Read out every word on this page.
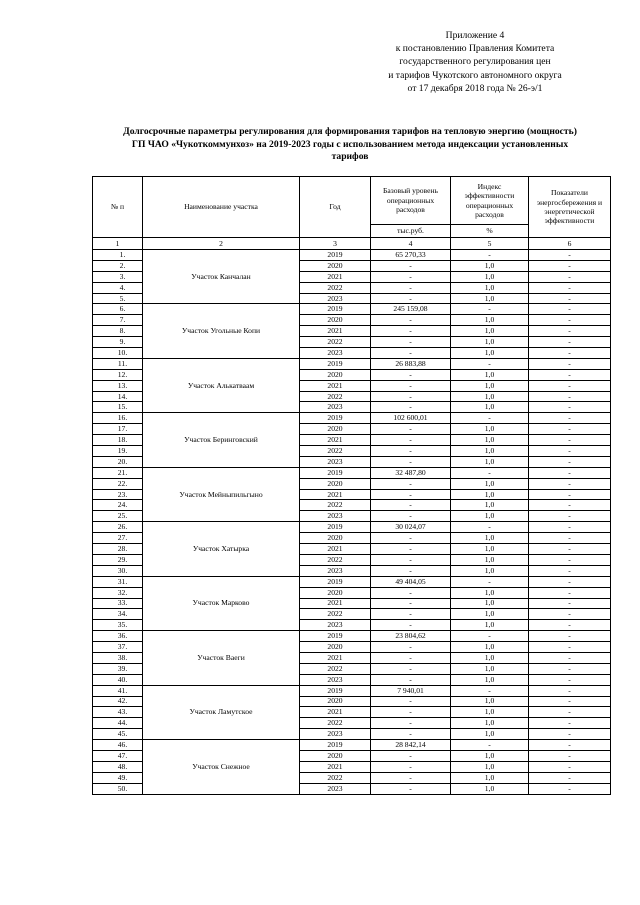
Приложение 4
к постановлению Правления Комитета
государственного регулирования цен
и тарифов Чукотского автономного округа
от 17 декабря 2018 года № 26-э/1
Долгосрочные параметры регулирования для формирования тарифов на тепловую энергию (мощность)
ГП ЧАО «Чукоткоммунхоз» на 2019-2023 годы с использованием метода индексации установленных
тарифов
№ п	Наименование участка	Год	Базовый уровень операционных расходов	Индекс эффективности операционных расходов	Показатели энергосбережения и энергетической эффективности
			тыс.руб.	%	
1	2	3	4	5	6
1.	Участок Канчалан	2019	65 270,33	-	-
2.		2020	-	1,0	-
3.		2021	-	1,0	-
4.		2022	-	1,0	-
5.		2023	-	1,0	-
6.	Участок Угольные Копи	2019	245 159,08	-	-
7.		2020	-	1,0	-
8.		2021	-	1,0	-
9.		2022	-	1,0	-
10.		2023	-	1,0	-
11.	Участок Алькатваам	2019	26 883,88	-	-
12.		2020	-	1,0	-
13.		2021	-	1,0	-
14.		2022	-	1,0	-
15.		2023	-	1,0	-
16.	Участок Беринговский	2019	102 600,01	-	-
17.		2020	-	1,0	-
18.		2021	-	1,0	-
19.		2022	-	1,0	-
20.		2023	-	1,0	-
21.	Участок Мейныпильгыно	2019	32 487,80	-	-
22.		2020	-	1,0	-
23.		2021	-	1,0	-
24.		2022	-	1,0	-
25.		2023	-	1,0	-
26.	Участок Хатырка	2019	30 024,07	-	-
27.		2020	-	1,0	-
28.		2021	-	1,0	-
29.		2022	-	1,0	-
30.		2023	-	1,0	-
31.	Участок Марково	2019	49 404,05	-	-
32.		2020	-	1,0	-
33.		2021	-	1,0	-
34.		2022	-	1,0	-
35.		2023	-	1,0	-
36.	Участок Ваеги	2019	23 804,62	-	-
37.		2020	-	1,0	-
38.		2021	-	1,0	-
39.		2022	-	1,0	-
40.		2023	-	1,0	-
41.	Участок Ламутское	2019	7 940,01	-	-
42.		2020	-	1,0	-
43.		2021	-	1,0	-
44.		2022	-	1,0	-
45.		2023	-	1,0	-
46.	Участок Снежное	2019	28 842,14	-	-
47.		2020	-	1,0	-
48.		2021	-	1,0	-
49.		2022	-	1,0	-
50.		2023	-	1,0	-
